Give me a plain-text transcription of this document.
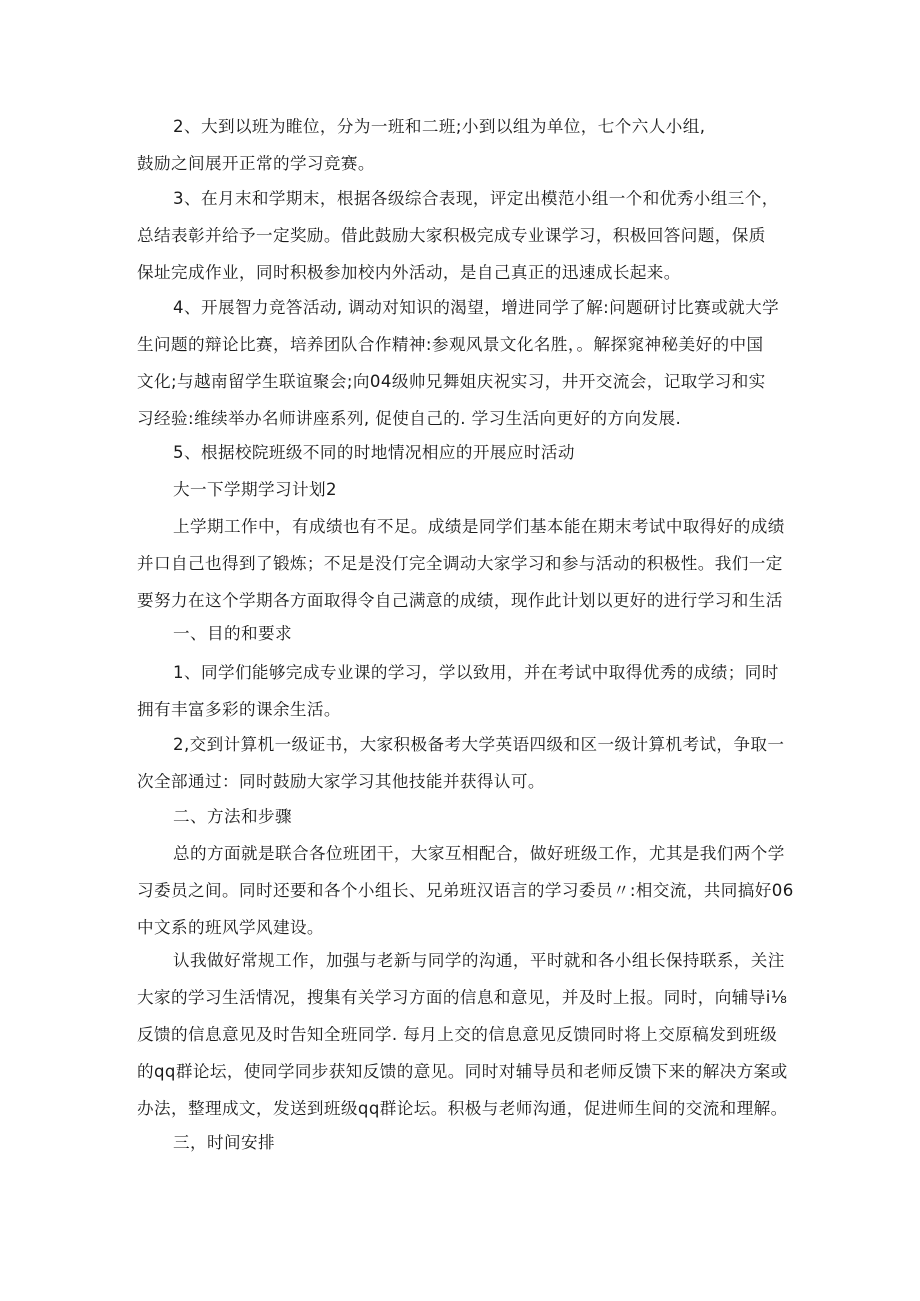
2、大到以班为睢位，分为一班和二班;小到以组为单位，七个六人小组,
鼓励之间展开正常的学习竞赛。
3、在月末和学期末，根据各级综合表现，评定出模范小组一个和优秀小组三个，
总结表彰并给予一定奖励。借此鼓励大家积极完成专业课学习，积极回答问题，保质
保址完成作业，同时积极参加校内外活动，是自己真正的迅速成长起来。
4、开展智力竞答活动, 调动对知识的渴望，增进同学了解:问题研讨比赛或就大学
生问题的辩论比赛，培养团队合作精神:参观风景文化名胜，。解探窕神秘美好的中国
文化;与越南留学生联谊聚会;向04级帅兄舞姐庆祝实习，井开交流会，记取学习和实
习经验:维续举办名师讲座系列, 促使自己的. 学习生活向更好的方向发展.
5、根据校院班级不同的时地情况相应的开展应时活动
大一下学期学习计划2
上学期工作中，有成绩也有不足。成绩是同学们基本能在期末考试中取得好的成绩
并口自己也得到了锻炼；不足是没仃完全调动大家学习和参与活动的积极性。我们一定
要努力在这个学期各方面取得令自己满意的成绩，现作此计划以更好的进行学习和生活
一、目的和要求
1、同学们能够完成专业课的学习，学以致用，并在考试中取得优秀的成绩；同时
拥有丰富多彩的课余生活。
2,交到计算机一级证书，大家积极备考大学英语四级和区一级计算机考试，争取一
次全部通过：同时鼓励大家学习其他技能并获得认可。
二、方法和步骤
总的方面就是联合各位班团干，大家互相配合，做好班级工作，尤其是我们两个学
习委员之间。同时还要和各个小组长、兄弟班汉语言的学习委员〃:相交流，共同搞好06
中文系的班风学风建设。
认我做好常规工作，加强与老新与同学的沟通，平时就和各小组长保持联系，关注
大家的学习生活情况，搜集有关学习方面的信息和意见，并及时上报。同时，向辅导i⅛
反馈的信息意见及时告知全班同学. 每月上交的信息意见反馈同时将上交原稿发到班级
的qq群论坛，使同学同步获知反馈的意见。同时对辅导员和老师反馈下来的解决方案或
办法，整理成文，发送到班级qq群论坛。积极与老师沟通，促进师生间的交流和理解。
三，时间安排
